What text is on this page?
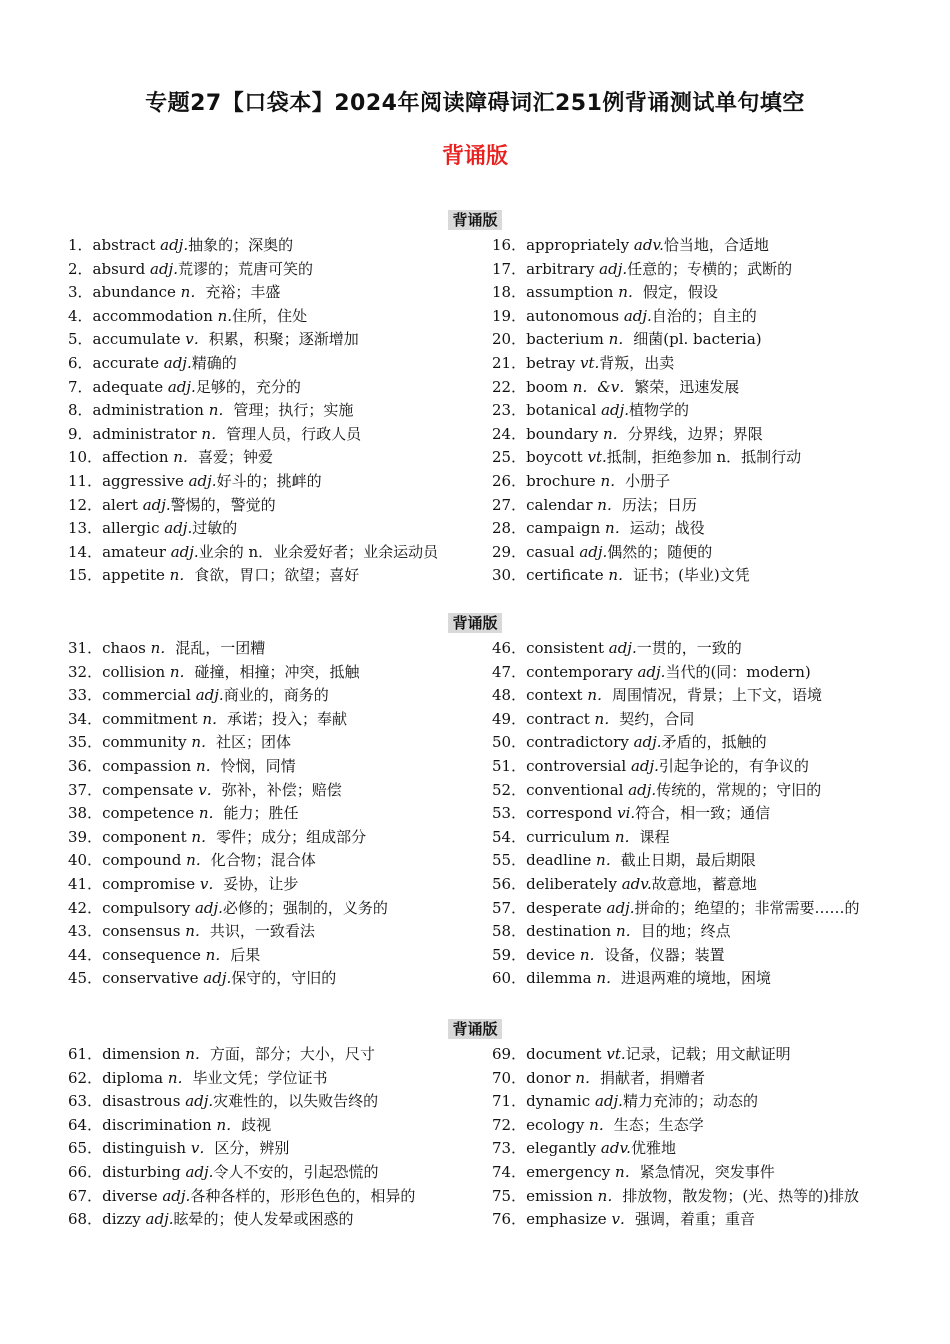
专题27【口袋本】2024年阅读障碍词汇251例背诵测试单句填空
背诵版
背诵版
1．abstract adj.抽象的；深奥的
2．absurd adj.荒谬的；荒唐可笑的
3．abundance n．充裕；丰盛
4．accommodation n.住所，住处
5．accumulate v．积累，积聚；逐渐增加
6．accurate adj.精确的
7．adequate adj.足够的，充分的
8．administration n．管理；执行；实施
9．administrator n．管理人员，行政人员
10．affection n．喜爱；钟爱
11．aggressive adj.好斗的；挑衅的
12．alert adj.警惕的，警觉的
13．allergic adj.过敏的
14．amateur adj.业余的 n．业余爱好者；业余运动员
15．appetite n．食欲，胃口；欲望；喜好
16．appropriately adv.恰当地，合适地
17．arbitrary adj.任意的；专横的；武断的
18．assumption n．假定，假设
19．autonomous adj.自治的；自主的
20．bacterium n．细菌(pl. bacteria)
21．betray vt.背叛，出卖
22．boom n．&v．繁荣，迅速发展
23．botanical adj.植物学的
24．boundary n．分界线，边界；界限
25．boycott vt.抵制，拒绝参加 n．抵制行动
26．brochure n．小册子
27．calendar n．历法；日历
28．campaign n．运动；战役
29．casual adj.偶然的；随便的
30．certificate n．证书；(毕业)文凭
背诵版
31．chaos n．混乱，一团糟
32．collision n．碰撞，相撞；冲突，抵触
33．commercial adj.商业的，商务的
34．commitment n．承诺；投入；奉献
35．community n．社区；团体
36．compassion n．怜悯，同情
37．compensate v．弥补，补偿；赔偿
38．competence n．能力；胜任
39．component n．零件；成分；组成部分
40．compound n．化合物；混合体
41．compromise v．妥协，让步
42．compulsory adj.必修的；强制的，义务的
43．consensus n．共识，一致看法
44．consequence n．后果
45．conservative adj.保守的，守旧的
46．consistent adj.一贯的，一致的
47．contemporary adj.当代的(同：modern)
48．context n．周围情况，背景；上下文，语境
49．contract n．契约，合同
50．contradictory adj.矛盾的，抵触的
51．controversial adj.引起争论的，有争议的
52．conventional adj.传统的，常规的；守旧的
53．correspond vi.符合，相一致；通信
54．curriculum n．课程
55．deadline n．截止日期，最后期限
56．deliberately adv.故意地，蓄意地
57．desperate adj.拼命的；绝望的；非常需要……的
58．destination n．目的地；终点
59．device n．设备，仪器；装置
60．dilemma n．进退两难的境地，困境
背诵版
61．dimension n．方面，部分；大小，尺寸
62．diploma n．毕业文凭；学位证书
63．disastrous adj.灾难性的，以失败告终的
64．discrimination n．歧视
65．distinguish v．区分，辨别
66．disturbing adj.令人不安的，引起恐慌的
67．diverse adj.各种各样的，形形色色的，相异的
68．dizzy adj.眩晕的；使人发晕或困惑的
69．document vt.记录，记载；用文献证明
70．donor n．捐献者，捐赠者
71．dynamic adj.精力充沛的；动态的
72．ecology n．生态；生态学
73．elegantly adv.优雅地
74．emergency n．紧急情况，突发事件
75．emission n．排放物，散发物；(光、热等的)排放
76．emphasize v．强调，着重；重音
